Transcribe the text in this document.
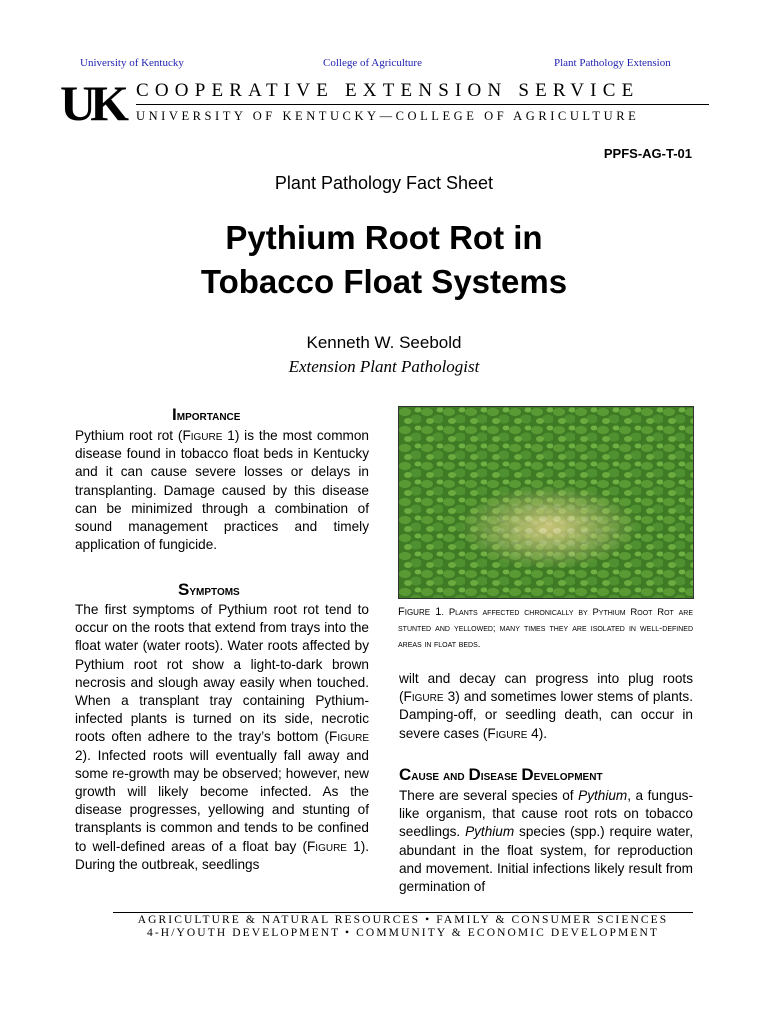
University of Kentucky	College of Agriculture	Plant Pathology Extension
UK COOPERATIVE EXTENSION SERVICE
UNIVERSITY OF KENTUCKY—COLLEGE OF AGRICULTURE
PPFS-AG-T-01
Plant Pathology Fact Sheet
Pythium Root Rot in
Tobacco Float Systems
Kenneth W. Seebold
Extension Plant Pathologist
Importance
Pythium root rot (Figure 1) is the most common disease found in tobacco float beds in Kentucky and it can cause severe losses or delays in transplanting. Damage caused by this disease can be minimized through a combination of sound management practices and timely application of fungicide.
Symptoms
The first symptoms of Pythium root rot tend to occur on the roots that extend from trays into the float water (water roots). Water roots affected by Pythium root rot show a light-to-dark brown necrosis and slough away easily when touched. When a transplant tray containing Pythium-infected plants is turned on its side, necrotic roots often adhere to the tray’s bottom (Figure 2). Infected roots will eventually fall away and some re-growth may be observed; however, new growth will likely become infected. As the disease progresses, yellowing and stunting of transplants is common and tends to be confined to well-defined areas of a float bay (Figure 1). During the outbreak, seedlings
Figure 1. Plants affected chronically by Pythium Root Rot are stunted and yellowed; many times they are isolated in well-defined areas in float beds.
wilt and decay can progress into plug roots (Figure 3) and sometimes lower stems of plants. Damping-off, or seedling death, can occur in severe cases (Figure 4).
Cause and Disease Development
There are several species of Pythium, a fungus-like organism, that cause root rots on tobacco seedlings. Pythium species (spp.) require water, abundant in the float system, for reproduction and movement. Initial infections likely result from germination of
AGRICULTURE & NATURAL RESOURCES • FAMILY & CONSUMER SCIENCES
4-H/YOUTH DEVELOPMENT • COMMUNITY & ECONOMIC DEVELOPMENT
